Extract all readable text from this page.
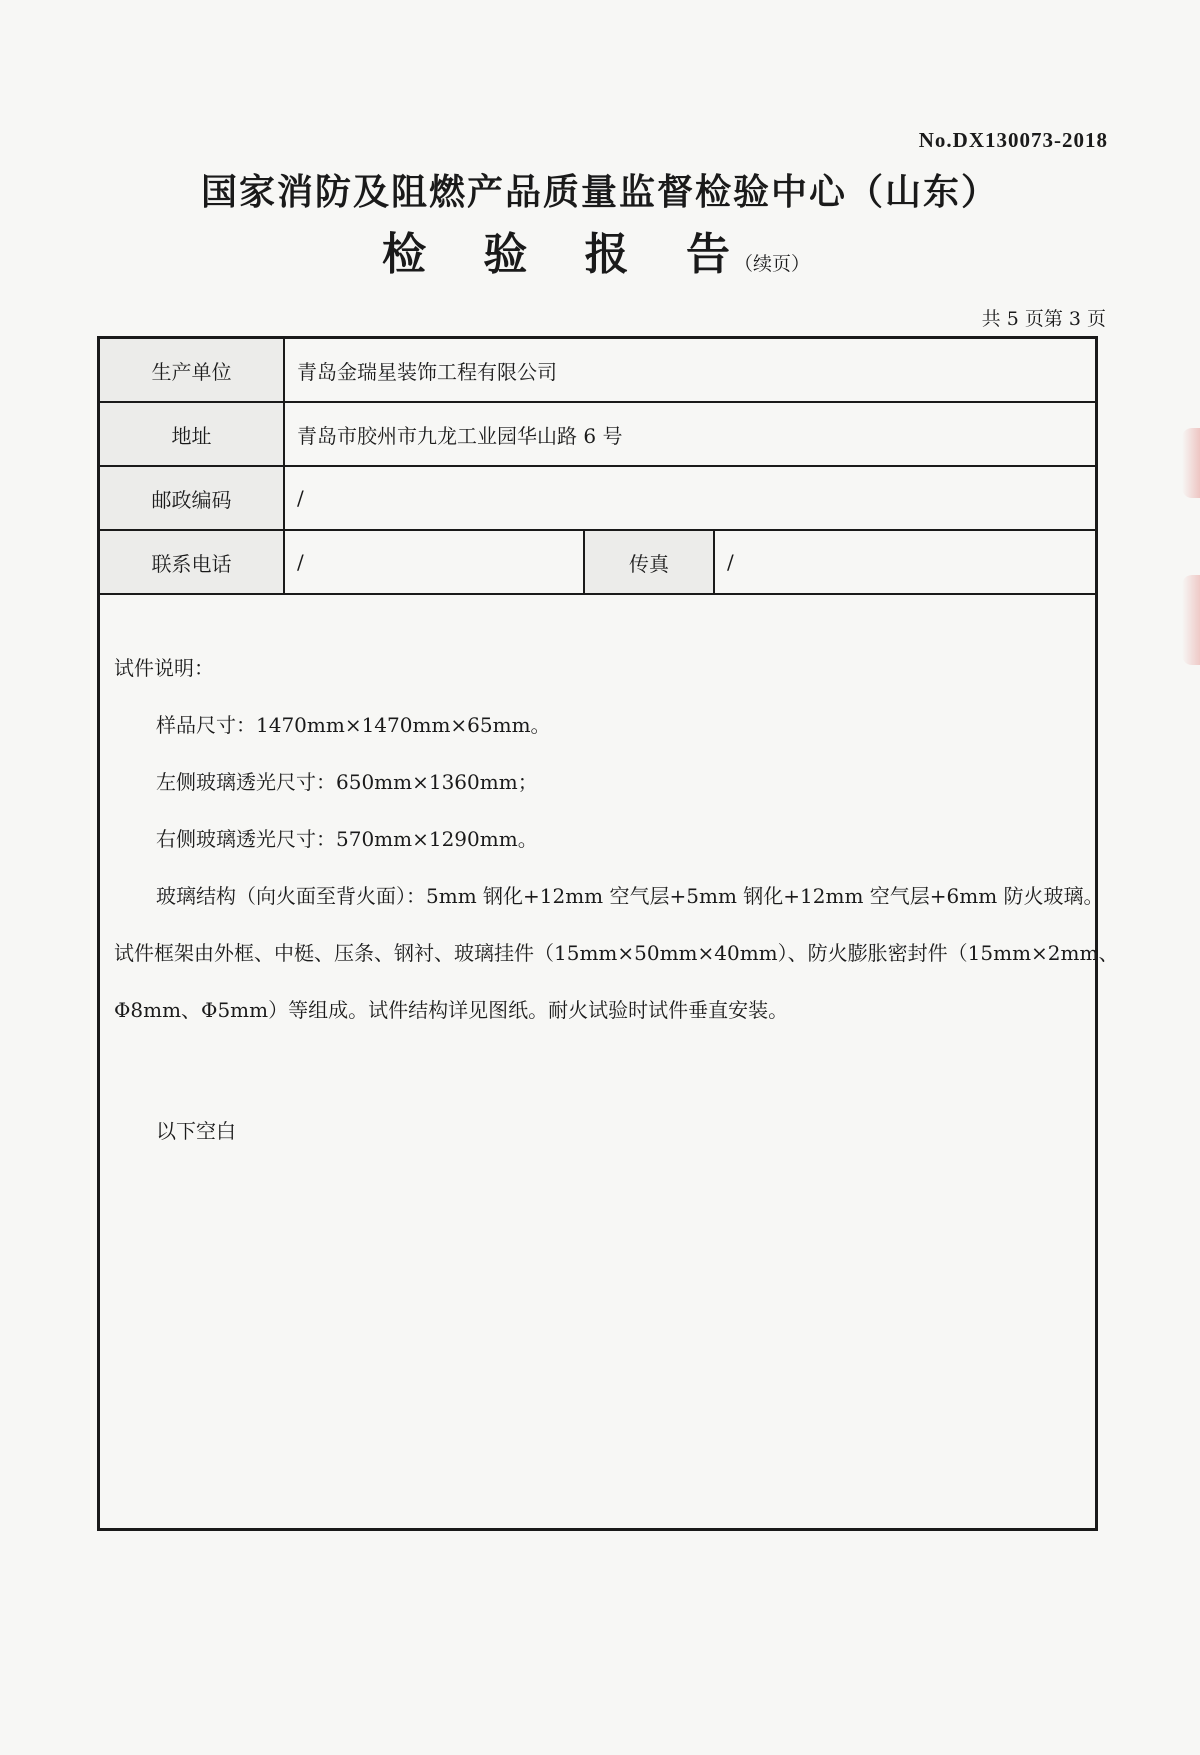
No.DX130073-2018
国家消防及阻燃产品质量监督检验中心（山东）
检 验 报 告 （续页）
共 5 页第 3 页
生产单位	青岛金瑞星装饰工程有限公司		
地址	青岛市胶州市九龙工业园华山路 6 号		
邮政编码	/		
联系电话	/	传真	/

试件说明：

样品尺寸：1470mm×1470mm×65mm。

左侧玻璃透光尺寸：650mm×1360mm；

右侧玻璃透光尺寸：570mm×1290mm。

玻璃结构（向火面至背火面）：5mm 钢化+12mm 空气层+5mm 钢化+12mm 空气层+6mm 防火玻璃。

试件框架由外框、中梃、压条、钢衬、玻璃挂件（15mm×50mm×40mm）、防火膨胀密封件（15mm×2mm、

Φ8mm、Φ5mm）等组成。试件结构详见图纸。耐火试验时试件垂直安装。

以下空白
